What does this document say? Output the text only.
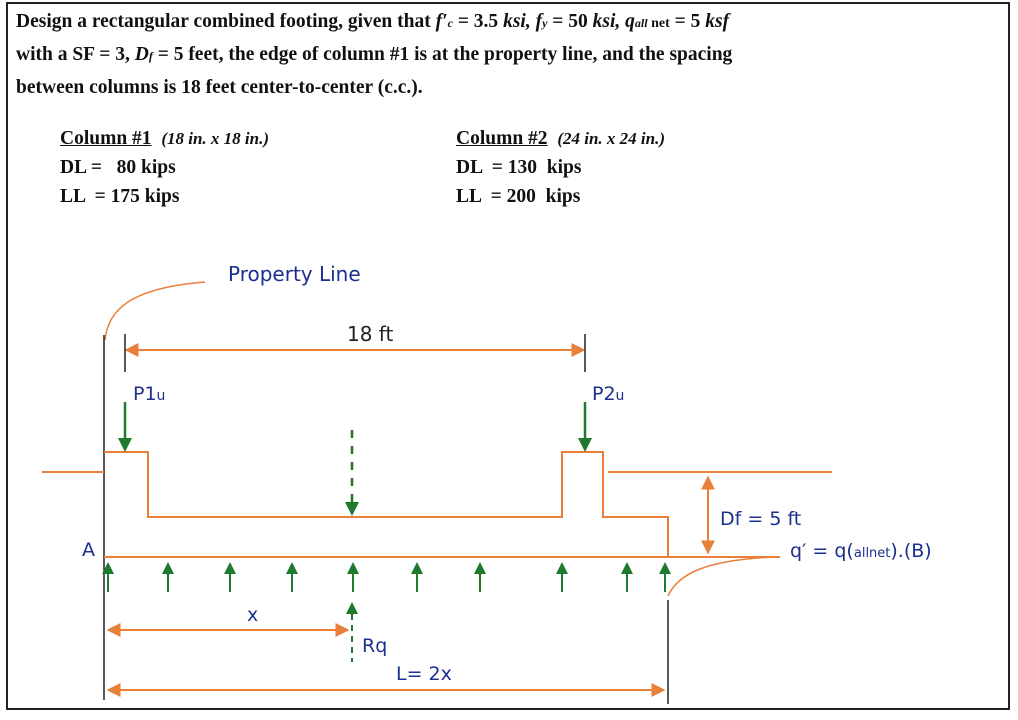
Design a rectangular combined footing, given that f′c = 3.5 ksi, fy = 50 ksi, qall net = 5 ksf
with a SF = 3, Df = 5 feet, the edge of column #1 is at the property line, and the spacing
between columns is 18 feet center-to-center (c.c.).
Column #1 (18 in. x 18 in.)
DL =   80 kips
LL  = 175 kips
Column #2 (24 in. x 24 in.)
DL  = 130  kips
LL  = 200  kips
Property Line
18 ft
P1u	P2u
Df = 5 ft
q′ = q(allnet).(B)
A
x
Rq
L= 2x
